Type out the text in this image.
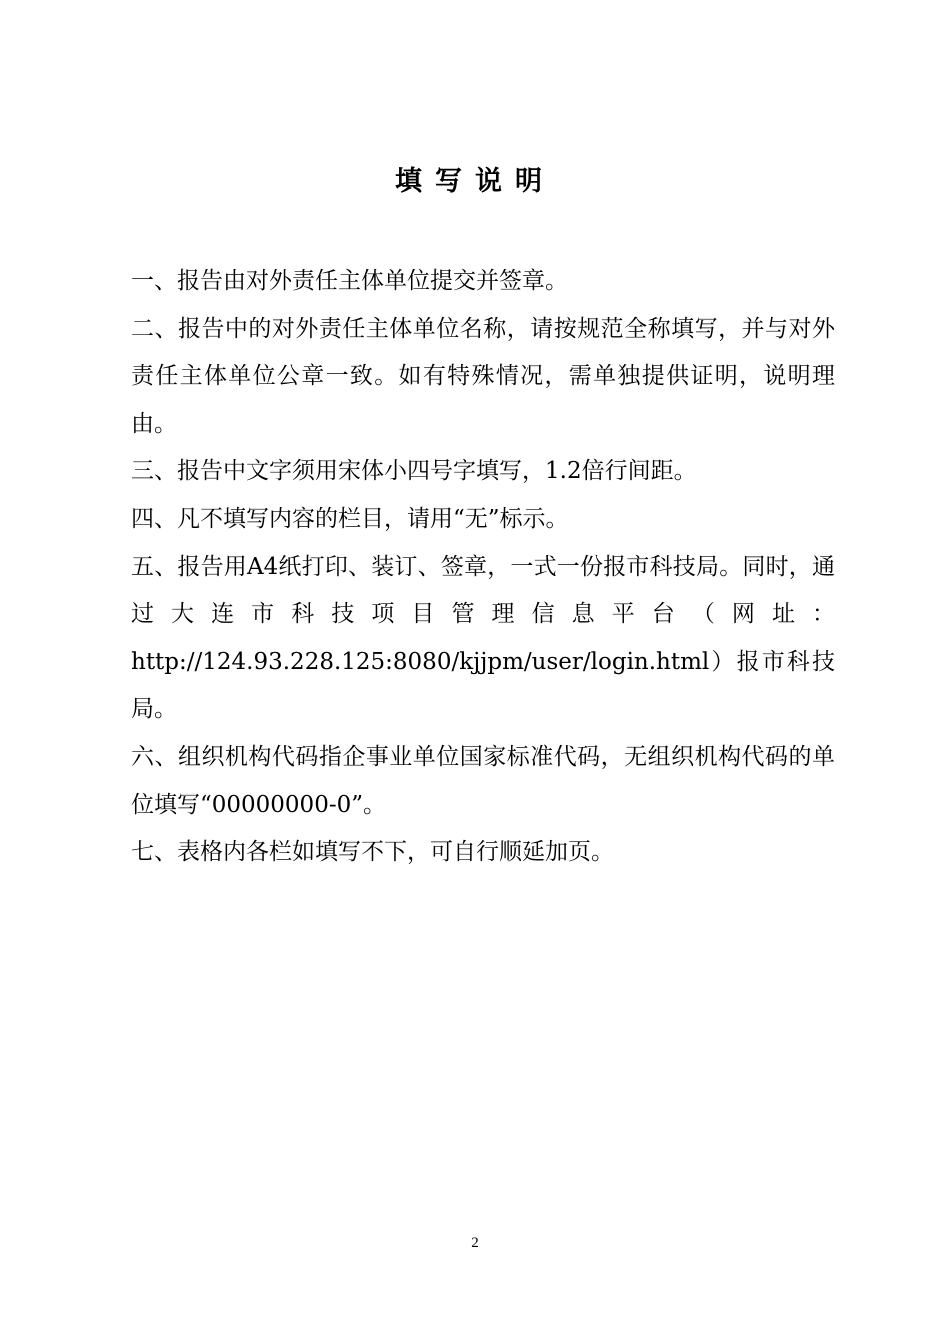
填写说明

一、报告由对外责任主体单位提交并签章。

二、报告中的对外责任主体单位名称，请按规范全称填写，并与对外责任主体单位公章一致。如有特殊情况，需单独提供证明，说明理由。

三、报告中文字须用宋体小四号字填写，1.2倍行间距。

四、凡不填写内容的栏目，请用“无”标示。

五、报告用A4纸打印、装订、签章，一式一份报市科技局。同时，通过大连市科技项目管理信息平台（网址：

http://124.93.228.125:8080/kjjpm/user/login.html）报市科技局。

六、组织机构代码指企事业单位国家标准代码，无组织机构代码的单位填写“00000000-0”。

七、表格内各栏如填写不下，可自行顺延加页。

2
